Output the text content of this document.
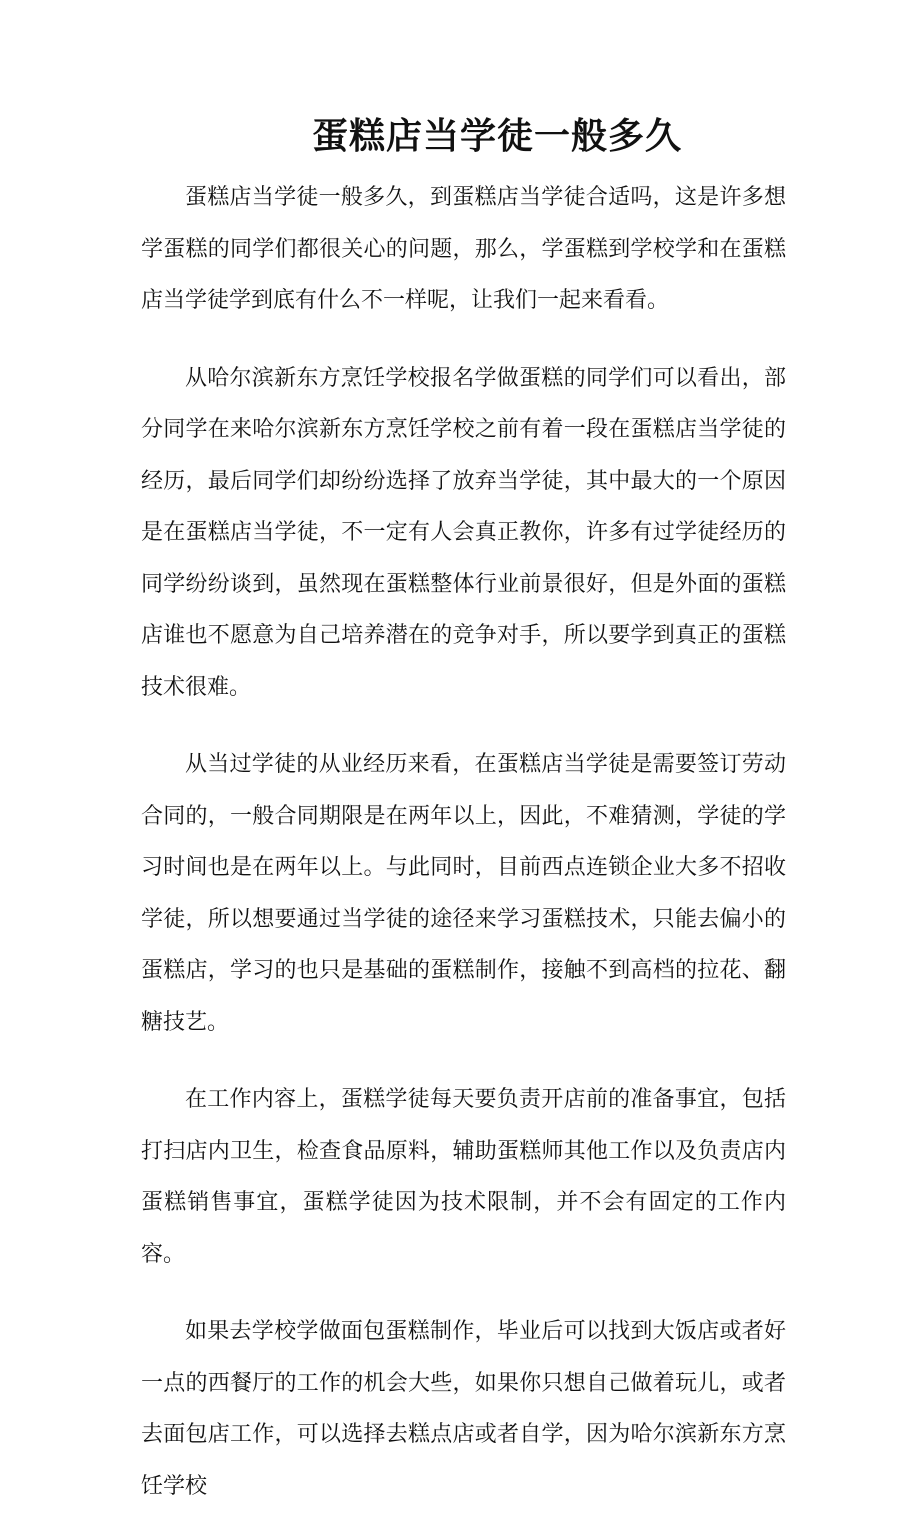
蛋糕店当学徒一般多久

蛋糕店当学徒一般多久，到蛋糕店当学徒合适吗，这是许多想学蛋糕的同学们都很关心的问题，那么，学蛋糕到学校学和在蛋糕店当学徒学到底有什么不一样呢，让我们一起来看看。

从哈尔滨新东方烹饪学校报名学做蛋糕的同学们可以看出，部分同学在来哈尔滨新东方烹饪学校之前有着一段在蛋糕店当学徒的经历，最后同学们却纷纷选择了放弃当学徒，其中最大的一个原因是在蛋糕店当学徒，不一定有人会真正教你，许多有过学徒经历的同学纷纷谈到，虽然现在蛋糕整体行业前景很好，但是外面的蛋糕店谁也不愿意为自己培养潜在的竞争对手，所以要学到真正的蛋糕技术很难。

从当过学徒的从业经历来看，在蛋糕店当学徒是需要签订劳动合同的，一般合同期限是在两年以上，因此，不难猜测，学徒的学习时间也是在两年以上。与此同时，目前西点连锁企业大多不招收学徒，所以想要通过当学徒的途径来学习蛋糕技术，只能去偏小的蛋糕店，学习的也只是基础的蛋糕制作，接触不到高档的拉花、翻糖技艺。

在工作内容上，蛋糕学徒每天要负责开店前的准备事宜，包括打扫店内卫生，检查食品原料，辅助蛋糕师其他工作以及负责店内蛋糕销售事宜，蛋糕学徒因为技术限制，并不会有固定的工作内容。

如果去学校学做面包蛋糕制作，毕业后可以找到大饭店或者好一点的西餐厅的工作的机会大些，如果你只想自己做着玩儿，或者去面包店工作，可以选择去糕点店或者自学，因为哈尔滨新东方烹饪学校
